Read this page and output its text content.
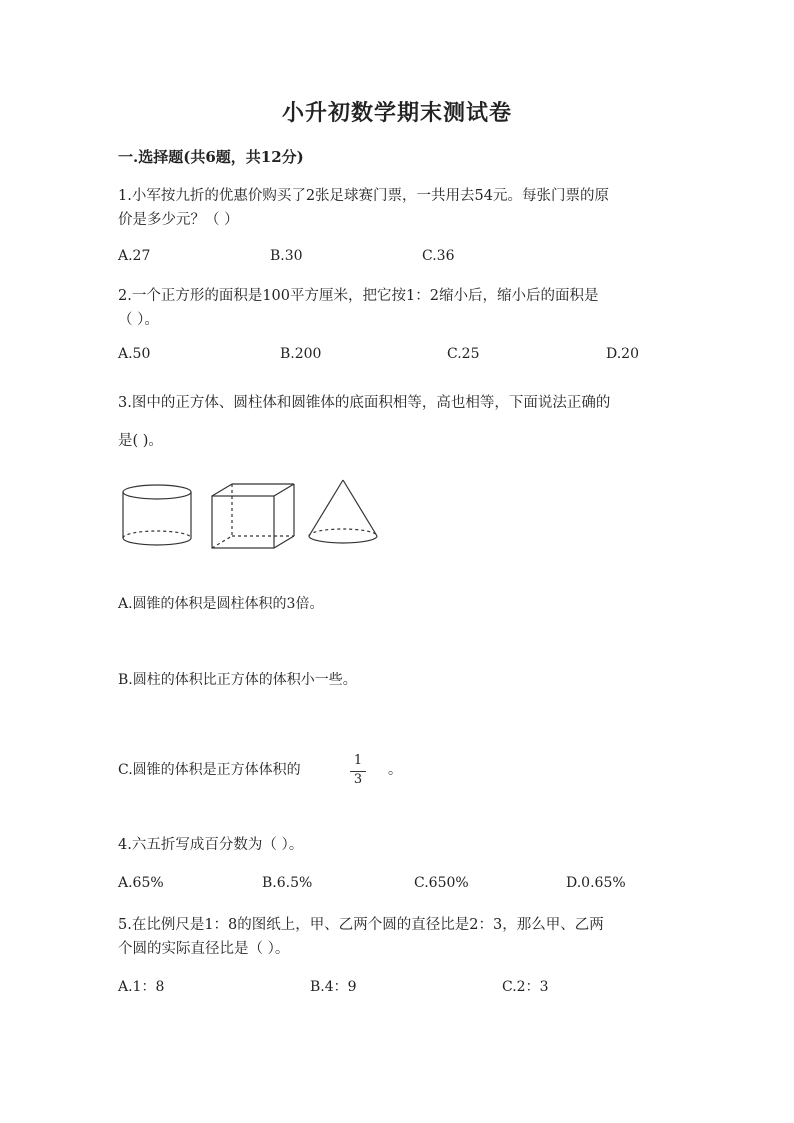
小升初数学期末测试卷
一.选择题(共6题，共12分)
1.小军按九折的优惠价购买了2张足球赛门票，一共用去54元。每张门票的原
价是多少元？（ ）
A.27	B.30	C.36
2.一个正方形的面积是100平方厘米，把它按1：2缩小后，缩小后的面积是
（ ）。
A.50	B.200	C.25	D.20
3.图中的正方体、圆柱体和圆锥体的底面积相等，高也相等，下面说法正确的
是( )。
A.圆锥的体积是圆柱体积的3倍。
B.圆柱的体积比正方体的体积小一些。
C.圆锥的体积是正方体体积的
1
3
。
4.六五折写成百分数为（ ）。
A.65%	B.6.5%	C.650%	D.0.65%
5.在比例尺是1：8的图纸上，甲、乙两个圆的直径比是2：3，那么甲、乙两
个圆的实际直径比是（ ）。
A.1：8	B.4：9	C.2：3
